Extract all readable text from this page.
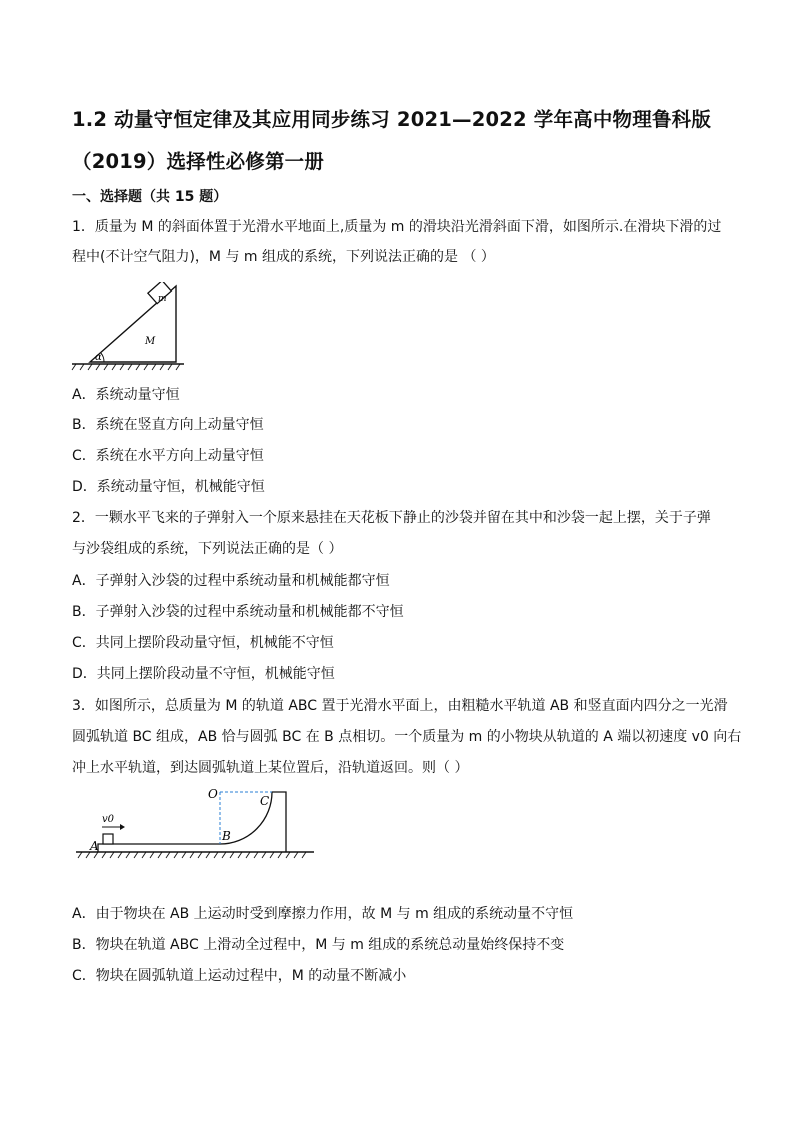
1.2 动量守恒定律及其应用同步练习 2021—2022 学年高中物理鲁科版
（2019）选择性必修第一册
一、选择题（共 15 题）
1．质量为 M 的斜面体置于光滑水平地面上,质量为 m 的滑块沿光滑斜面下滑，如图所示.在滑块下滑的过
程中(不计空气阻力)，M 与 m 组成的系统，下列说法正确的是 （ ）
m
M
α
A．系统动量守恒
B．系统在竖直方向上动量守恒
C．系统在水平方向上动量守恒
D．系统动量守恒，机械能守恒
2．一颗水平飞来的子弹射入一个原来悬挂在天花板下静止的沙袋并留在其中和沙袋一起上摆，关于子弹
与沙袋组成的系统，下列说法正确的是（ ）
A．子弹射入沙袋的过程中系统动量和机械能都守恒
B．子弹射入沙袋的过程中系统动量和机械能都不守恒
C．共同上摆阶段动量守恒，机械能不守恒
D．共同上摆阶段动量不守恒，机械能守恒
3．如图所示，总质量为 M 的轨道 ABC 置于光滑水平面上，由粗糙水平轨道 AB 和竖直面内四分之一光滑
圆弧轨道 BC 组成，AB 恰与圆弧 BC 在 B 点相切。一个质量为 m 的小物块从轨道的 A 端以初速度 v0 向右
冲上水平轨道，到达圆弧轨道上某位置后，沿轨道返回。则（ ）
v0
O	C
B
A
A．由于物块在 AB 上运动时受到摩擦力作用，故 M 与 m 组成的系统动量不守恒
B．物块在轨道 ABC 上滑动全过程中，M 与 m 组成的系统总动量始终保持不变
C．物块在圆弧轨道上运动过程中，M 的动量不断减小
